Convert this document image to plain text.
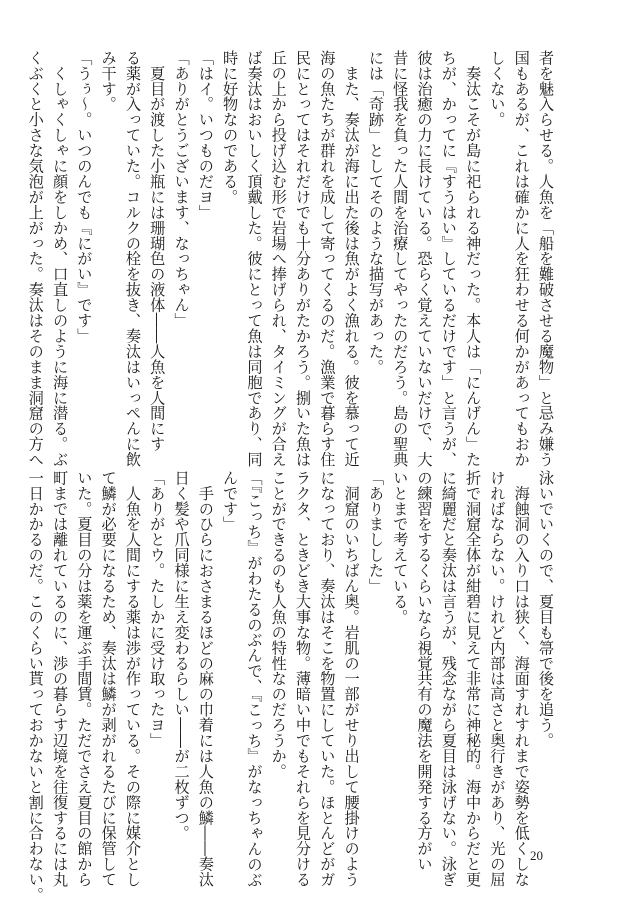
者を魅入らせる。人魚を「船を難破させる魔物」と忌み嫌う
国もあるが、これは確かに人を狂わせる何かがあってもおか
しくない。
　奏汰こそが島に祀られる神だった。本人は「にんげん」た
ちが、かってに『すうはい』しているだけです」と言うが、
彼は治癒の力に長けている。恐らく覚えていないだけで、大
昔に怪我を負った人間を治療してやったのだろう。島の聖典
には「奇跡」としてそのような描写があった。
　また、奏汰が海に出た後は魚がよく漁れる。彼を慕って近
海の魚たちが群れを成して寄ってくるのだ。漁業で暮らす住
民にとってはそれだけでも十分ありがたかろう。捌いた魚は
丘の上から投げ込む形で岩場へ捧げられ、タイミングが合え
ば奏汰はおいしく頂戴した。彼にとって魚は同胞であり、同
時に好物なのである。
「はイ。いつものだヨ」
「ありがとうございます、なっちゃん」
　夏目が渡した小瓶には珊瑚色の液体――人魚を人間にす
る薬が入っていた。コルクの栓を抜き、奏汰はいっぺんに飲
み干す。
「うぅ～。いつのんでも『にがい』です」
　くしゃくしゃに顔をしかめ、口直しのように海に潜る。ぶ
くぶくと小さな気泡が上がった。奏汰はそのまま洞窟の方へ
泳いでいくので、夏目も箒で後を追う。
　海蝕洞の入り口は狭く、海面すれすれまで姿勢を低くしな
ければならない。けれど内部は高さと奥行きがあり、光の屈
折で洞窟全体が紺碧に見えて非常に神秘的。海中からだと更
に綺麗だと奏汰は言うが、残念ながら夏目は泳げない。泳ぎ
の練習をするくらいなら視覚共有の魔法を開発する方がい
いとまで考えている。
「ありましした」
　洞窟のいちばん奥。岩肌の一部がせり出して腰掛けのよう
になっており、奏汰はそこを物置にしていた。ほとんどがガ
ラクタ、ときどき大事な物。薄暗い中でもそれらを見分ける
ことができるのも人魚の特性なのだろうか。
「『こっち』がわたるのぶんで、『こっち』がなっちゃんのぶ
んです」
　手のひらにおさまるほどの麻の巾着には人魚の鱗――奏汰
日く髪や爪同様に生え変わるらしい――が二枚ずつ。
「ありがとウ。たしかに受け取ったヨ」
　人魚を人間にする薬は渉が作っている。その際に媒介とし
て鱗が必要になるため、奏汰は鱗が剥がれるたびに保管して
いた。夏目の分は薬を運ぶ手間賃。ただでさえ夏目の館から
町までは離れているのに、渉の暮らす辺境を往復するには丸
一日かかるのだ。このくらい貰っておかないと割に合わない。	20
